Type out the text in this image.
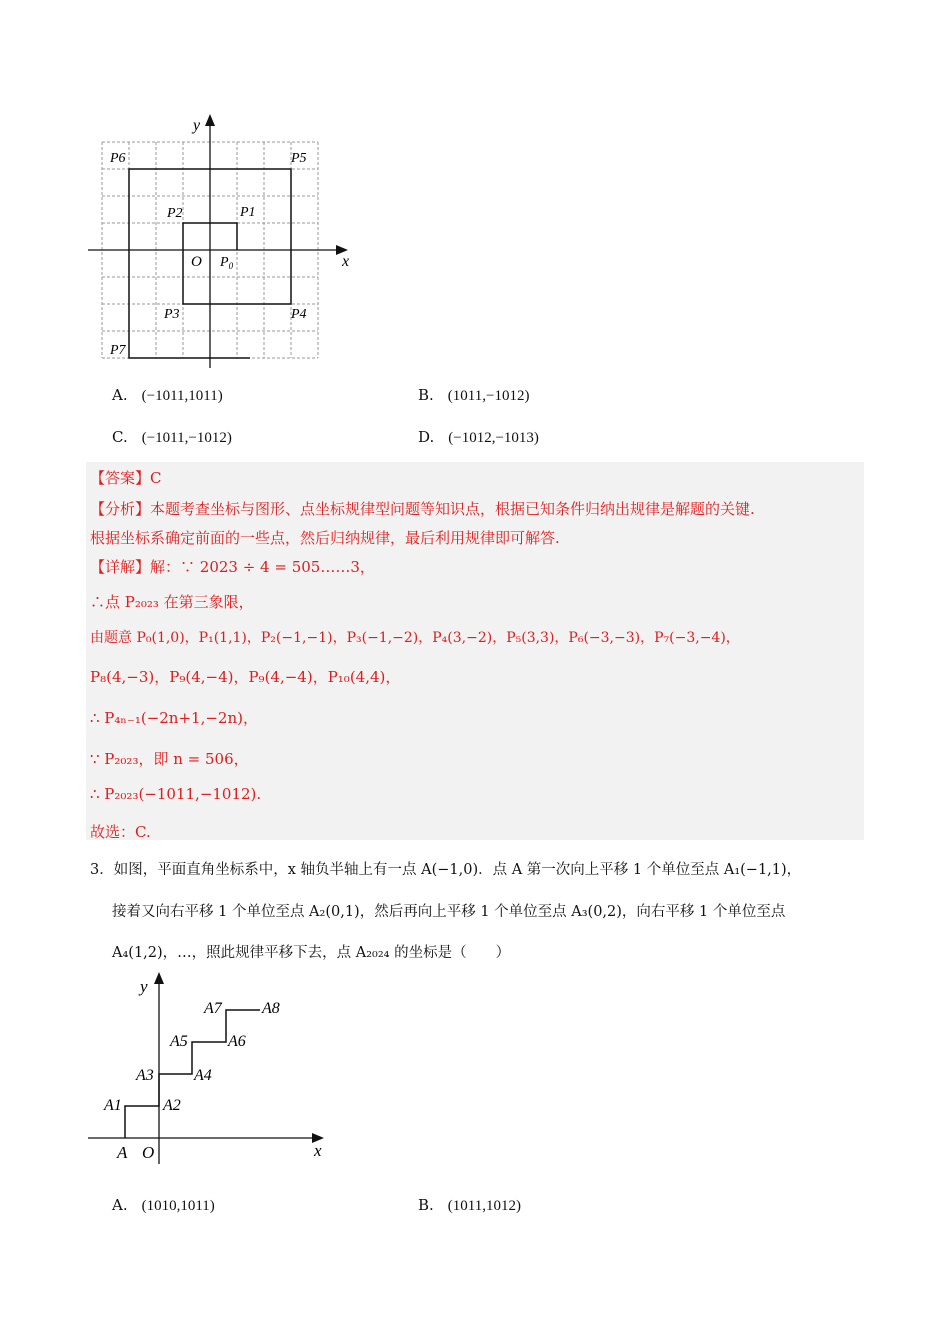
x
y
O $P_0$
P1
P2
P3	P4
P5
P6
P7
A. (−1011,1011)	B. (1011,−1012)
C. (−1011,−1012)	D. (−1012,−1013)
【答案】C
【分析】本题考查坐标与图形、点坐标规律型问题等知识点，根据已知条件归纳出规律是解题的关键.
根据坐标系确定前面的一些点，然后归纳规律，最后利用规律即可解答.
【详解】解：∵ 2023 ÷ 4 = 505……3，
∴点 P₂₀₂₃ 在第三象限，
由题意 P₀(1,0)，P₁(1,1)，P₂(−1,−1)，P₃(−1,−2)，P₄(3,−2)，P₅(3,3)，P₆(−3,−3)，P₇(−3,−4)，
P₈(4,−3)，P₉(4,−4)，P₉(4,−4)，P₁₀(4,4)，
∴ P₄ₙ₋₁(−2n+1,−2n)，
∵ P₂₀₂₃，即 n = 506，
∴ P₂₀₂₃(−1011,−1012).
故选：C.
3．如图，平面直角坐标系中，x 轴负半轴上有一点 A(−1,0)．点 A 第一次向上平移 1 个单位至点 A₁(−1,1)，
接着又向右平移 1 个单位至点 A₂(0,1)，然后再向上平移 1 个单位至点 A₃(0,2)，向右平移 1 个单位至点
A₄(1,2)，…，照此规律平移下去，点 A₂₀₂₄ 的坐标是（　　）
x
y
O
A
A1	A2
A3	A4
A5	A6
A7	A8
A. (1010,1011)	B. (1011,1012)
